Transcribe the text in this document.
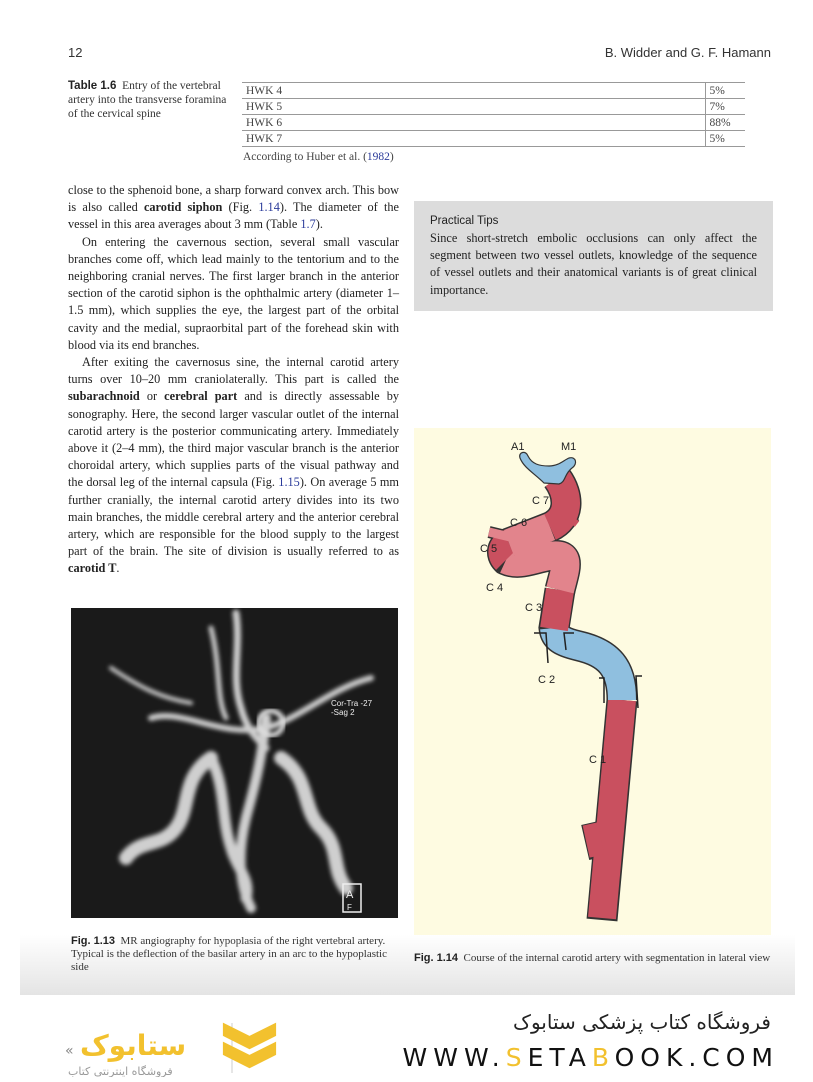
12	B. Widder and G. F. Hamann
Table 1.6 Entry of the vertebral artery into the transverse foramina of the cervical spine
HWK 4	5%
HWK 5	7%
HWK 6	88%
HWK 7	5%
According to Huber et al. (1982)

close to the sphenoid bone, a sharp forward convex arch. This bow is also called carotid siphon (Fig. 1.14). The diameter of the vessel in this area averages about 3 mm (Table 1.7).

On entering the cavernous section, several small vascular branches come off, which lead mainly to the tentorium and to the neighboring cranial nerves. The first larger branch in the anterior section of the carotid siphon is the ophthalmic artery (diameter 1–1.5 mm), which supplies the eye, the largest part of the orbital cavity and the medial, supraorbital part of the forehead skin with blood via its end branches.

After exiting the cavernosus sine, the internal carotid artery turns over 10–20 mm craniolaterally. This part is called the subarachnoid or cerebral part and is directly assessable by sonography. Here, the second larger vascular outlet of the internal carotid artery is the posterior communicating artery. Immediately above it (2–4 mm), the third major vascular branch is the anterior choroidal artery, which supplies parts of the visual pathway and the dorsal leg of the internal capsula (Fig. 1.15). On average 5 mm further cranially, the internal carotid artery divides into its two main branches, the middle cerebral artery and the anterior cerebral artery, which are responsible for the blood supply to the largest part of the brain. The site of division is usually referred to as carotid T.

Practical Tips

Since short-stretch embolic occlusions can only affect the segment between two vessel outlets, knowledge of the sequence of vessel outlets and their anatomical variants is of great clinical importance.

A1	M1
C 7
C 6
C 5
C 4
C 3
C 2
C 1
Cor-Tra -27
-Sag 2
A
F
Fig. 1.13 MR angiography for hypoplasia of the right vertebral artery. Typical is the deflection of the basilar artery in an arc to the hypoplastic side
Fig. 1.14 Course of the internal carotid artery with segmentation in lateral view
« ستابوک
فروشگاه اینترنتی کتاب
فروشگاه کتاب پزشکی ستابوک
WWW.SETABOOK.COM
